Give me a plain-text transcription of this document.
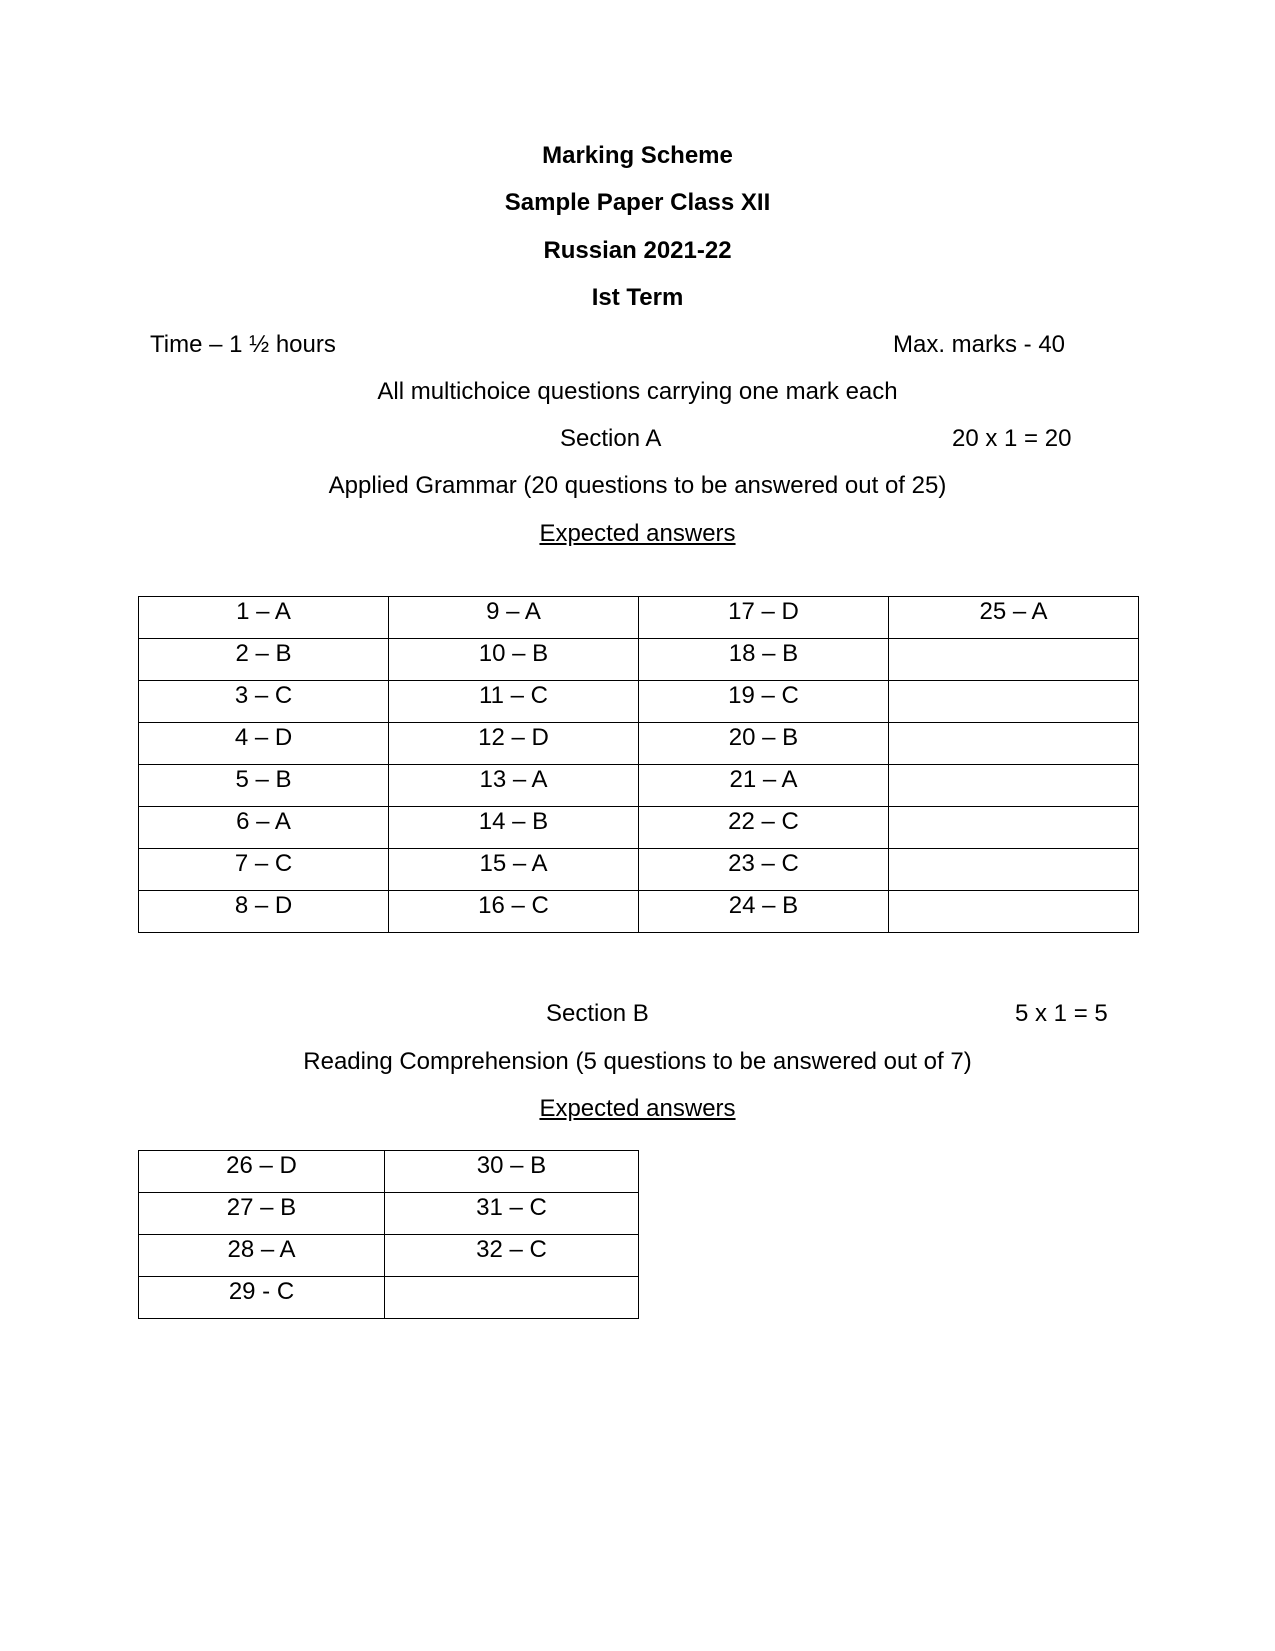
Marking Scheme
Sample Paper Class XII
Russian 2021-22
Ist Term
Time – 1 ½ hours	Max. marks - 40
All multichoice questions carrying one mark each
Section A	20 x 1 = 20
Applied Grammar (20 questions to be answered out of 25)
Expected answers
1 – A	9 – A	17 – D	25 – A
2 – B	10 – B	18 – B	
3 – C	11 – C	19 – C	
4 – D	12 – D	20 – B	
5 – B	13 – A	21 – A	
6 – A	14 – B	22 – C	
7 – C	15 – A	23 – C	
8 – D	16 – C	24 – B	
Section B	5 x 1 = 5
Reading Comprehension (5 questions to be answered out of 7)
Expected answers
26 – D	30 – B
27 – B	31 – C
28 – A	32 – C
29 - C	
